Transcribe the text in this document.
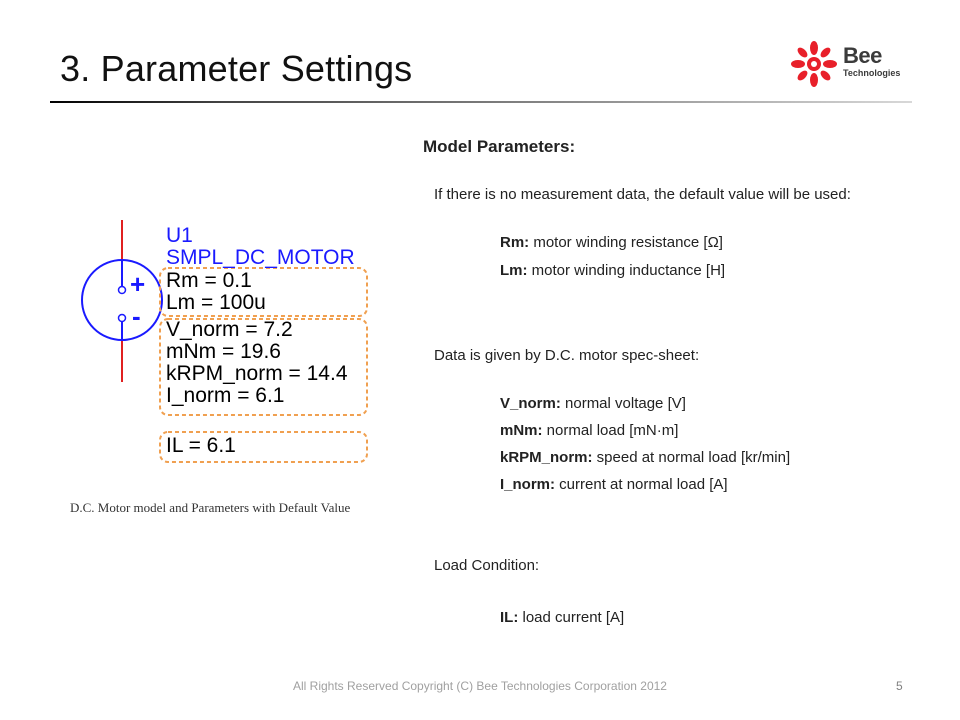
3. Parameter Settings	Bee
Technologies
+
-
U1
SMPL_DC_MOTOR
Rm = 0.1
Lm = 100u
V_norm = 7.2
mNm = 19.6
kRPM_norm = 14.4
I_norm = 6.1
IL = 6.1
D.C. Motor model and Parameters with Default Value
Model Parameters:
If there is no measurement data, the default value will be used:
Rm: motor winding resistance [Ω]
Lm: motor winding inductance [H]
Data is given by D.C. motor spec-sheet:
V_norm: normal voltage [V]
mNm: normal load [mN·m]
kRPM_norm: speed at normal load [kr/min]
I_norm: current at normal load [A]
Load Condition:
IL: load current [A]
All Rights Reserved Copyright (C) Bee Technologies Corporation 2012	5
